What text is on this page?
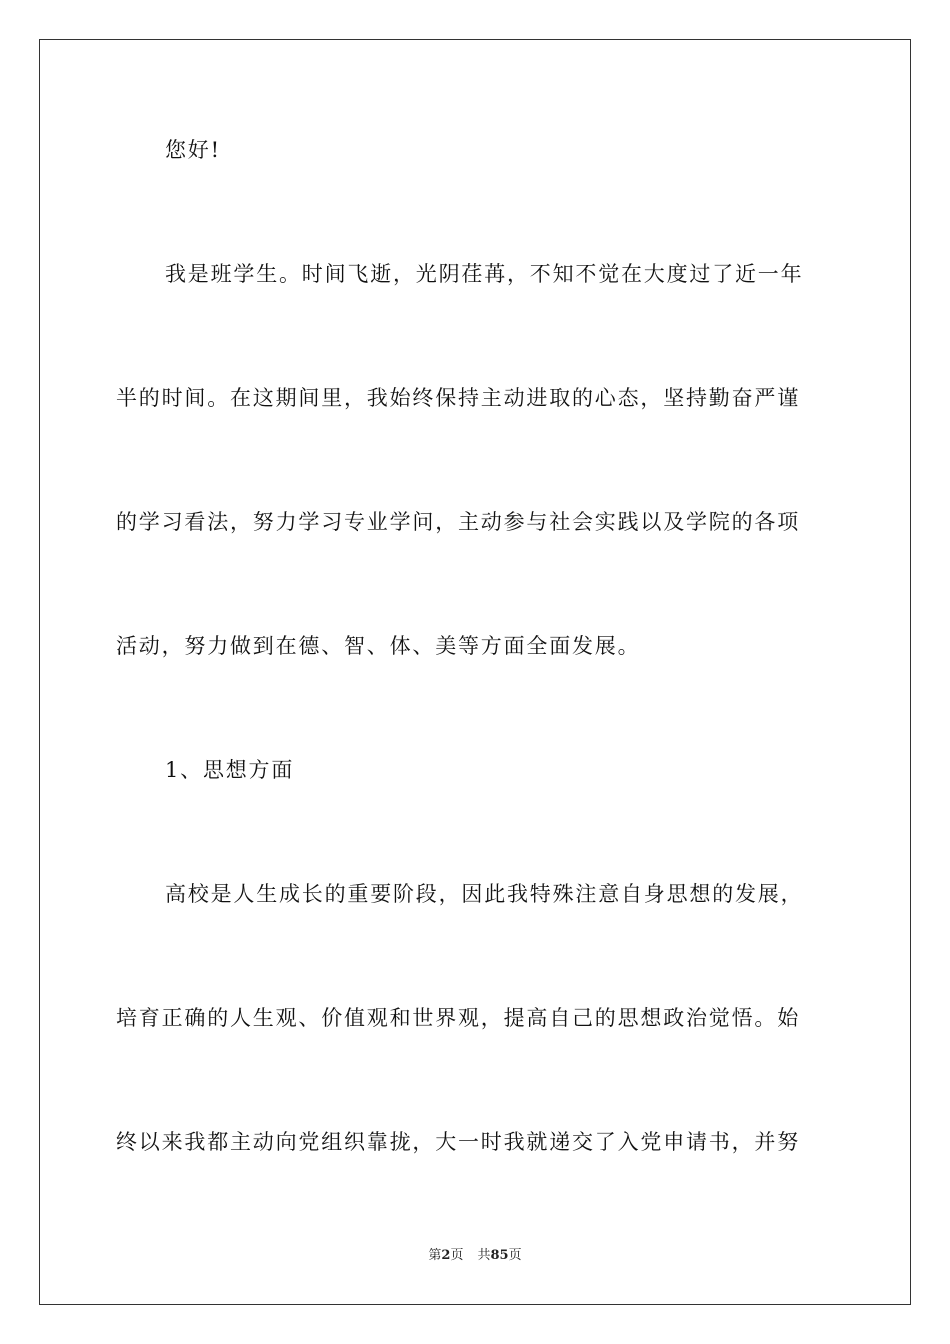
您好!
我是班学生。时间飞逝，光阴荏苒，不知不觉在大度过了近一年
半的时间。在这期间里，我始终保持主动进取的心态，坚持勤奋严谨
的学习看法，努力学习专业学问，主动参与社会实践以及学院的各项
活动，努力做到在德、智、体、美等方面全面发展。
1、思想方面
高校是人生成长的重要阶段，因此我特殊注意自身思想的发展，
培育正确的人生观、价值观和世界观，提高自己的思想政治觉悟。始
终以来我都主动向党组织靠拢，大一时我就递交了入党申请书，并努
第2页 共85页
